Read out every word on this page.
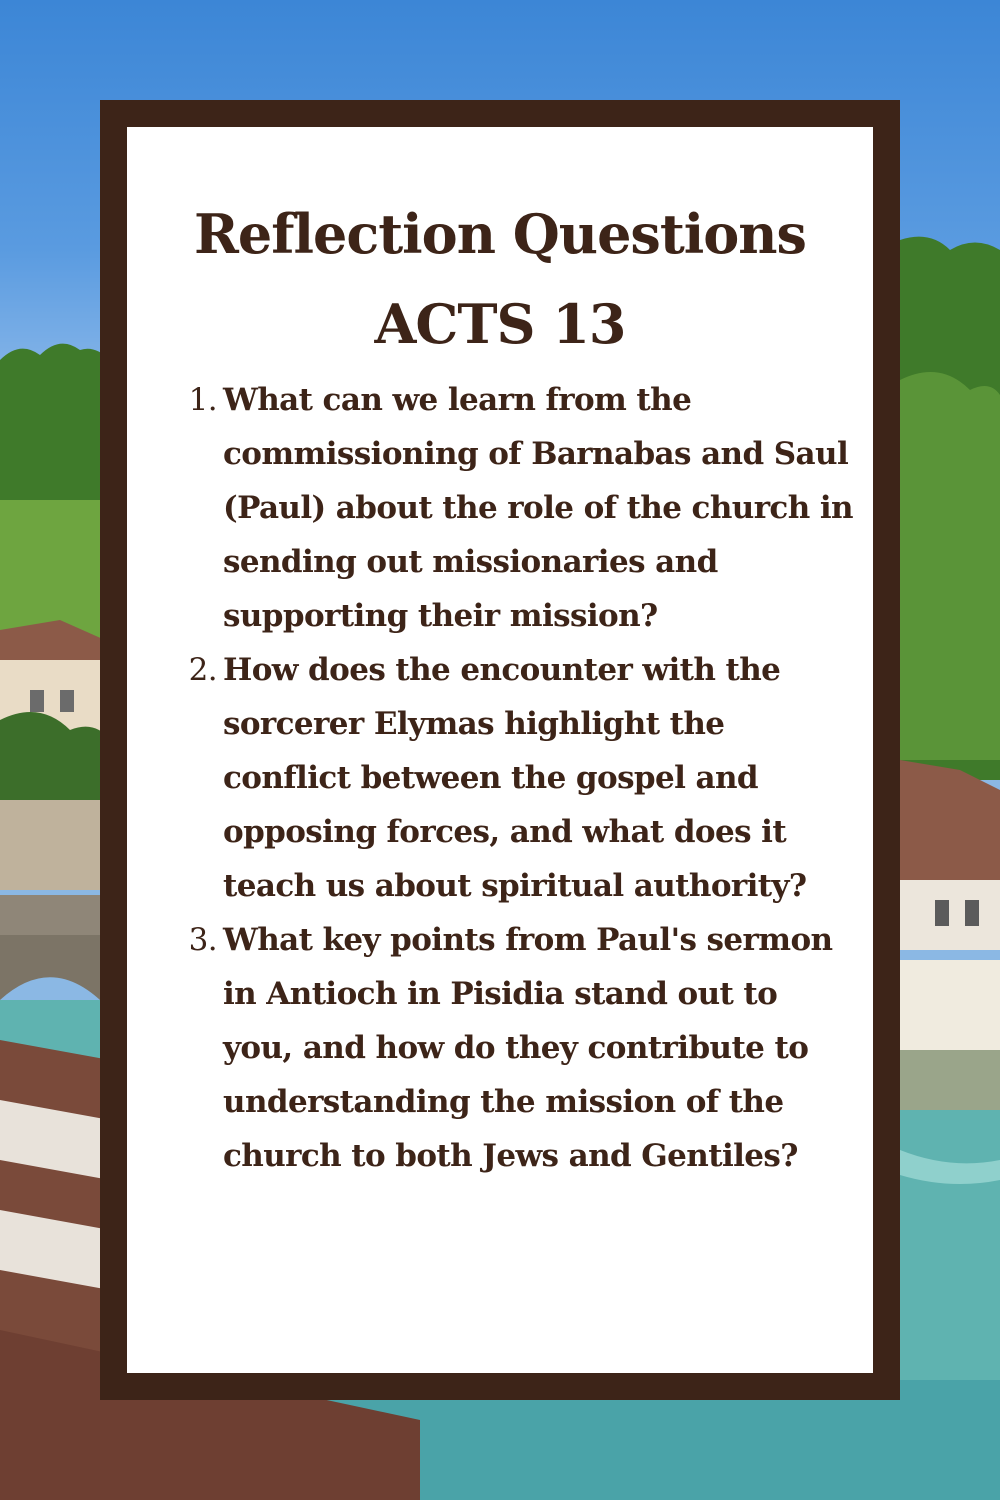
Reflection Questions
ACTS 13
1. What can we learn from the commissioning of Barnabas and Saul (Paul) about the role of the church in sending out missionaries and supporting their mission?
2. How does the encounter with the sorcerer Elymas highlight the conflict between the gospel and opposing forces, and what does it teach us about spiritual authority?
3. What key points from Paul's sermon in Antioch in Pisidia stand out to you, and how do they contribute to understanding the mission of the church to both Jews and Gentiles?
